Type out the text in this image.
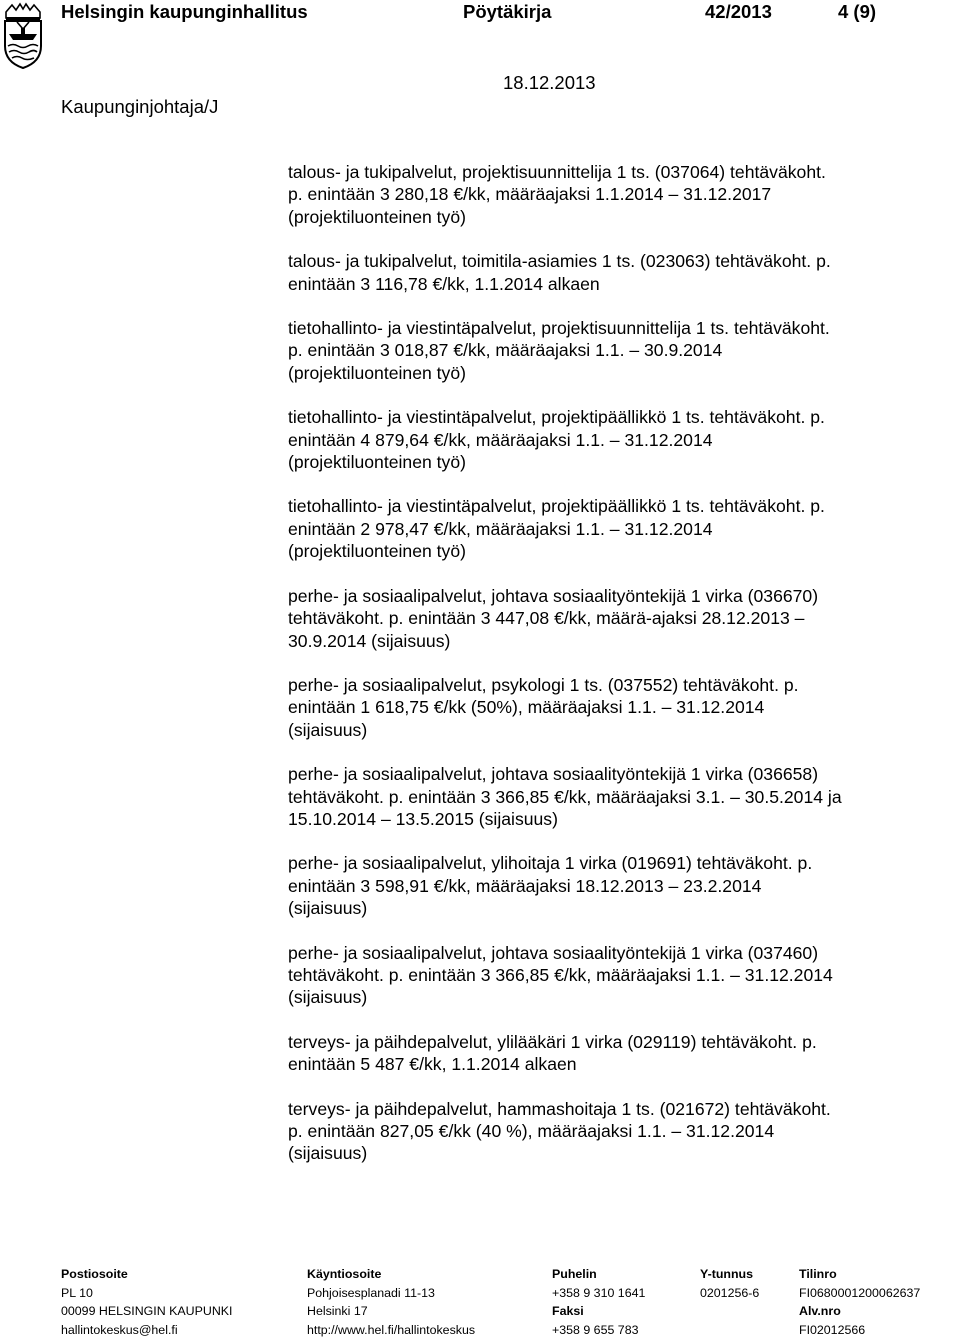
Helsingin kaupunginhallitus	Pöytäkirja	42/2013	4 (9)
18.12.2013
Kaupunginjohtaja/J
talous- ja tukipalvelut, projektisuunnittelija 1 ts. (037064) tehtäväkoht.
p. enintään 3 280,18 €/kk, määräajaksi 1.1.2014 – 31.12.2017
(projektiluonteinen työ)
talous- ja tukipalvelut, toimitila-asiamies 1 ts. (023063) tehtäväkoht. p.
enintään 3 116,78 €/kk, 1.1.2014 alkaen
tietohallinto- ja viestintäpalvelut, projektisuunnittelija 1 ts. tehtäväkoht.
p. enintään 3 018,87 €/kk, määräajaksi 1.1. – 30.9.2014
(projektiluonteinen työ)
tietohallinto- ja viestintäpalvelut, projektipäällikkö 1 ts. tehtäväkoht. p.
enintään 4 879,64 €/kk, määräajaksi 1.1. – 31.12.2014
(projektiluonteinen työ)
tietohallinto- ja viestintäpalvelut, projektipäällikkö 1 ts. tehtäväkoht. p.
enintään 2 978,47 €/kk, määräajaksi 1.1. – 31.12.2014
(projektiluonteinen työ)
perhe- ja sosiaalipalvelut, johtava sosiaalityöntekijä 1 virka (036670)
tehtäväkoht. p. enintään 3 447,08 €/kk, määrä-ajaksi 28.12.2013 –
30.9.2014 (sijaisuus)
perhe- ja sosiaalipalvelut, psykologi 1 ts. (037552) tehtäväkoht. p.
enintään 1 618,75 €/kk (50%), määräajaksi 1.1. – 31.12.2014
(sijaisuus)
perhe- ja sosiaalipalvelut, johtava sosiaalityöntekijä 1 virka (036658)
tehtäväkoht. p. enintään 3 366,85 €/kk, määräajaksi 3.1. – 30.5.2014 ja
15.10.2014 – 13.5.2015 (sijaisuus)
perhe- ja sosiaalipalvelut, ylihoitaja 1 virka (019691) tehtäväkoht. p.
enintään 3 598,91 €/kk, määräajaksi 18.12.2013 – 23.2.2014
(sijaisuus)
perhe- ja sosiaalipalvelut, johtava sosiaalityöntekijä 1 virka (037460)
tehtäväkoht. p. enintään 3 366,85 €/kk, määräajaksi 1.1. – 31.12.2014
(sijaisuus)
terveys- ja päihdepalvelut, ylilääkäri 1 virka (029119) tehtäväkoht. p.
enintään 5 487 €/kk, 1.1.2014 alkaen
terveys- ja päihdepalvelut, hammashoitaja 1 ts. (021672) tehtäväkoht.
p. enintään 827,05 €/kk (40 %), määräajaksi 1.1. – 31.12.2014
(sijaisuus)
Postiosoite
PL 10
00099 HELSINGIN KAUPUNKI
hallintokeskus@hel.fi
Käyntiosoite
Pohjoisesplanadi 11-13
Helsinki 17
http://www.hel.fi/hallintokeskus
Puhelin
+358 9 310 1641
Faksi
+358 9 655 783
Y-tunnus
0201256-6
Tilinro
FI0680001200062637
Alv.nro
FI02012566
